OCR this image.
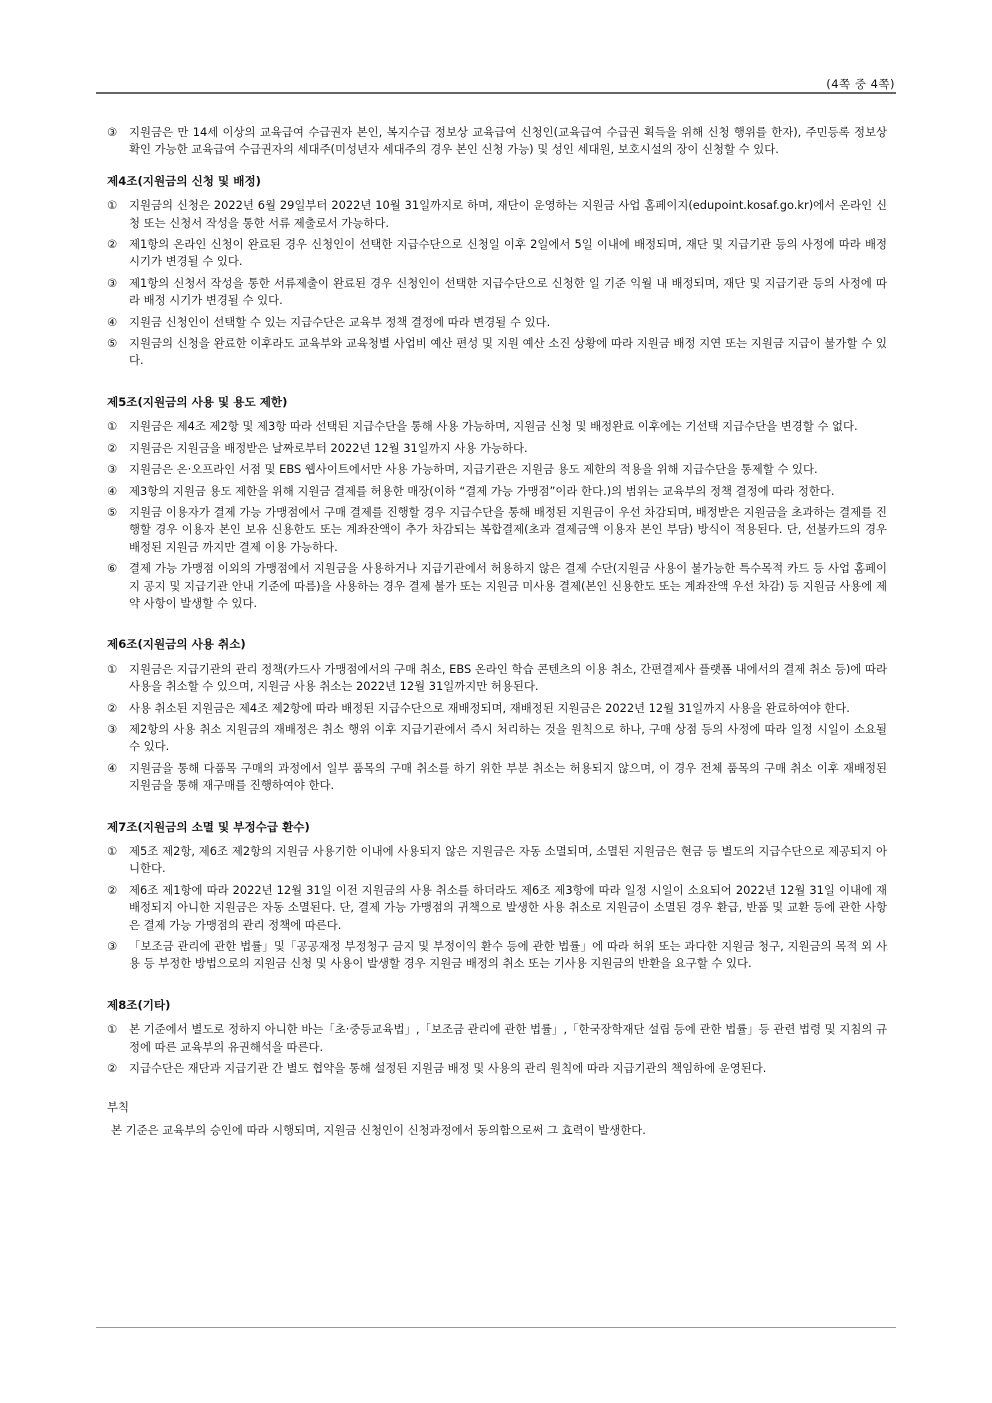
(4쪽 중 4쪽)
③	지원금은 만 14세 이상의 교육급여 수급권자 본인, 복지수급 정보상 교육급여 신청인(교육급여 수급권 획득을 위해 신청 행위를 한자), 주민등록 정보상 확인 가능한 교육급여 수급권자의 세대주(미성년자 세대주의 경우 본인 신청 가능) 및 성인 세대원, 보호시설의 장이 신청할 수 있다.
제4조(지원금의 신청 및 배정)
①	지원금의 신청은 2022년 6월 29일부터 2022년 10월 31일까지로 하며, 재단이 운영하는 지원금 사업 홈페이지(edupoint.kosaf.go.kr)에서 온라인 신청 또는 신청서 작성을 통한 서류 제출로서 가능하다.
②	제1항의 온라인 신청이 완료된 경우 신청인이 선택한 지급수단으로 신청일 이후 2일에서 5일 이내에 배정되며, 재단 및 지급기관 등의 사정에 따라 배정 시기가 변경될 수 있다.
③	제1항의 신청서 작성을 통한 서류제출이 완료된 경우 신청인이 선택한 지급수단으로 신청한 일 기준 익월 내 배정되며, 재단 및 지급기관 등의 사정에 따라 배정 시기가 변경될 수 있다.
④	지원금 신청인이 선택할 수 있는 지급수단은 교육부 정책 결정에 따라 변경될 수 있다.
⑤	지원금의 신청을 완료한 이후라도 교육부와 교육청별 사업비 예산 편성 및 지원 예산 소진 상황에 따라 지원금 배정 지연 또는 지원금 지급이 불가할 수 있다.
제5조(지원금의 사용 및 용도 제한)
①	지원금은 제4조 제2항 및 제3항 따라 선택된 지급수단을 통해 사용 가능하며, 지원금 신청 및 배정완료 이후에는 기선택 지급수단을 변경할 수 없다.
②	지원금은 지원금을 배정받은 날짜로부터 2022년 12월 31일까지 사용 가능하다.
③	지원금은 온·오프라인 서점 및 EBS 웹사이트에서만 사용 가능하며, 지급기관은 지원금 용도 제한의 적용을 위해 지급수단을 통제할 수 있다.
④	제3항의 지원금 용도 제한을 위해 지원금 결제를 허용한 매장(이하 “결제 가능 가맹점”이라 한다.)의 범위는 교육부의 정책 결정에 따라 정한다.
⑤	지원금 이용자가 결제 가능 가맹점에서 구매 결제를 진행할 경우 지급수단을 통해 배정된 지원금이 우선 차감되며, 배정받은 지원금을 초과하는 결제를 진행할 경우 이용자 본인 보유 신용한도 또는 계좌잔액이 추가 차감되는 복합결제(초과 결제금액 이용자 본인 부담) 방식이 적용된다. 단, 선불카드의 경우 배정된 지원금 까지만 결제 이용 가능하다.
⑥	결제 가능 가맹점 이외의 가맹점에서 지원금을 사용하거나 지급기관에서 허용하지 않은 결제 수단(지원금 사용이 불가능한 특수목적 카드 등 사업 홈페이지 공지 및 지급기관 안내 기준에 따름)을 사용하는 경우 결제 불가 또는 지원금 미사용 결제(본인 신용한도 또는 계좌잔액 우선 차감) 등 지원금 사용에 제약 사항이 발생할 수 있다.
제6조(지원금의 사용 취소)
①	지원금은 지급기관의 관리 정책(카드사 가맹점에서의 구매 취소, EBS 온라인 학습 콘텐츠의 이용 취소, 간편결제사 플랫폼 내에서의 결제 취소 등)에 따라 사용을 취소할 수 있으며, 지원금 사용 취소는 2022년 12월 31일까지만 허용된다.
②	사용 취소된 지원금은 제4조 제2항에 따라 배정된 지급수단으로 재배정되며, 재배정된 지원금은 2022년 12월 31일까지 사용을 완료하여야 한다.
③	제2항의 사용 취소 지원금의 재배정은 취소 행위 이후 지급기관에서 즉시 처리하는 것을 원칙으로 하나, 구매 상점 등의 사정에 따라 일정 시일이 소요될 수 있다.
④	지원금을 통해 다품목 구매의 과정에서 일부 품목의 구매 취소를 하기 위한 부분 취소는 허용되지 않으며, 이 경우 전체 품목의 구매 취소 이후 재배정된 지원금을 통해 재구매를 진행하여야 한다.
제7조(지원금의 소멸 및 부정수급 환수)
①	제5조 제2항, 제6조 제2항의 지원금 사용기한 이내에 사용되지 않은 지원금은 자동 소멸되며, 소멸된 지원금은 현금 등 별도의 지급수단으로 제공되지 아니한다.
②	제6조 제1항에 따라 2022년 12월 31일 이전 지원금의 사용 취소를 하더라도 제6조 제3항에 따라 일정 시일이 소요되어 2022년 12월 31일 이내에 재배정되지 아니한 지원금은 자동 소멸된다. 단, 결제 가능 가맹점의 귀책으로 발생한 사용 취소로 지원금이 소멸된 경우 환급, 반품 및 교환 등에 관한 사항은 결제 가능 가맹점의 관리 정책에 따른다.
③	「보조금 관리에 관한 법률」및「공공재정 부정청구 금지 및 부정이익 환수 등에 관한 법률」에 따라 허위 또는 과다한 지원금 청구, 지원금의 목적 외 사용 등 부정한 방법으로의 지원금 신청 및 사용이 발생할 경우 지원금 배정의 취소 또는 기사용 지원금의 반환을 요구할 수 있다.
제8조(기타)
①	본 기준에서 별도로 정하지 아니한 바는「초·중등교육법」,「보조금 관리에 관한 법률」,「한국장학재단 설립 등에 관한 법률」등 관련 법령 및 지침의 규정에 따른 교육부의 유권해석을 따른다.
②	지급수단은 재단과 지급기관 간 별도 협약을 통해 설정된 지원금 배정 및 사용의 관리 원칙에 따라 지급기관의 책임하에 운영된다.
부칙
본 기준은 교육부의 승인에 따라 시행되며, 지원금 신청인이 신청과정에서 동의함으로써 그 효력이 발생한다.
